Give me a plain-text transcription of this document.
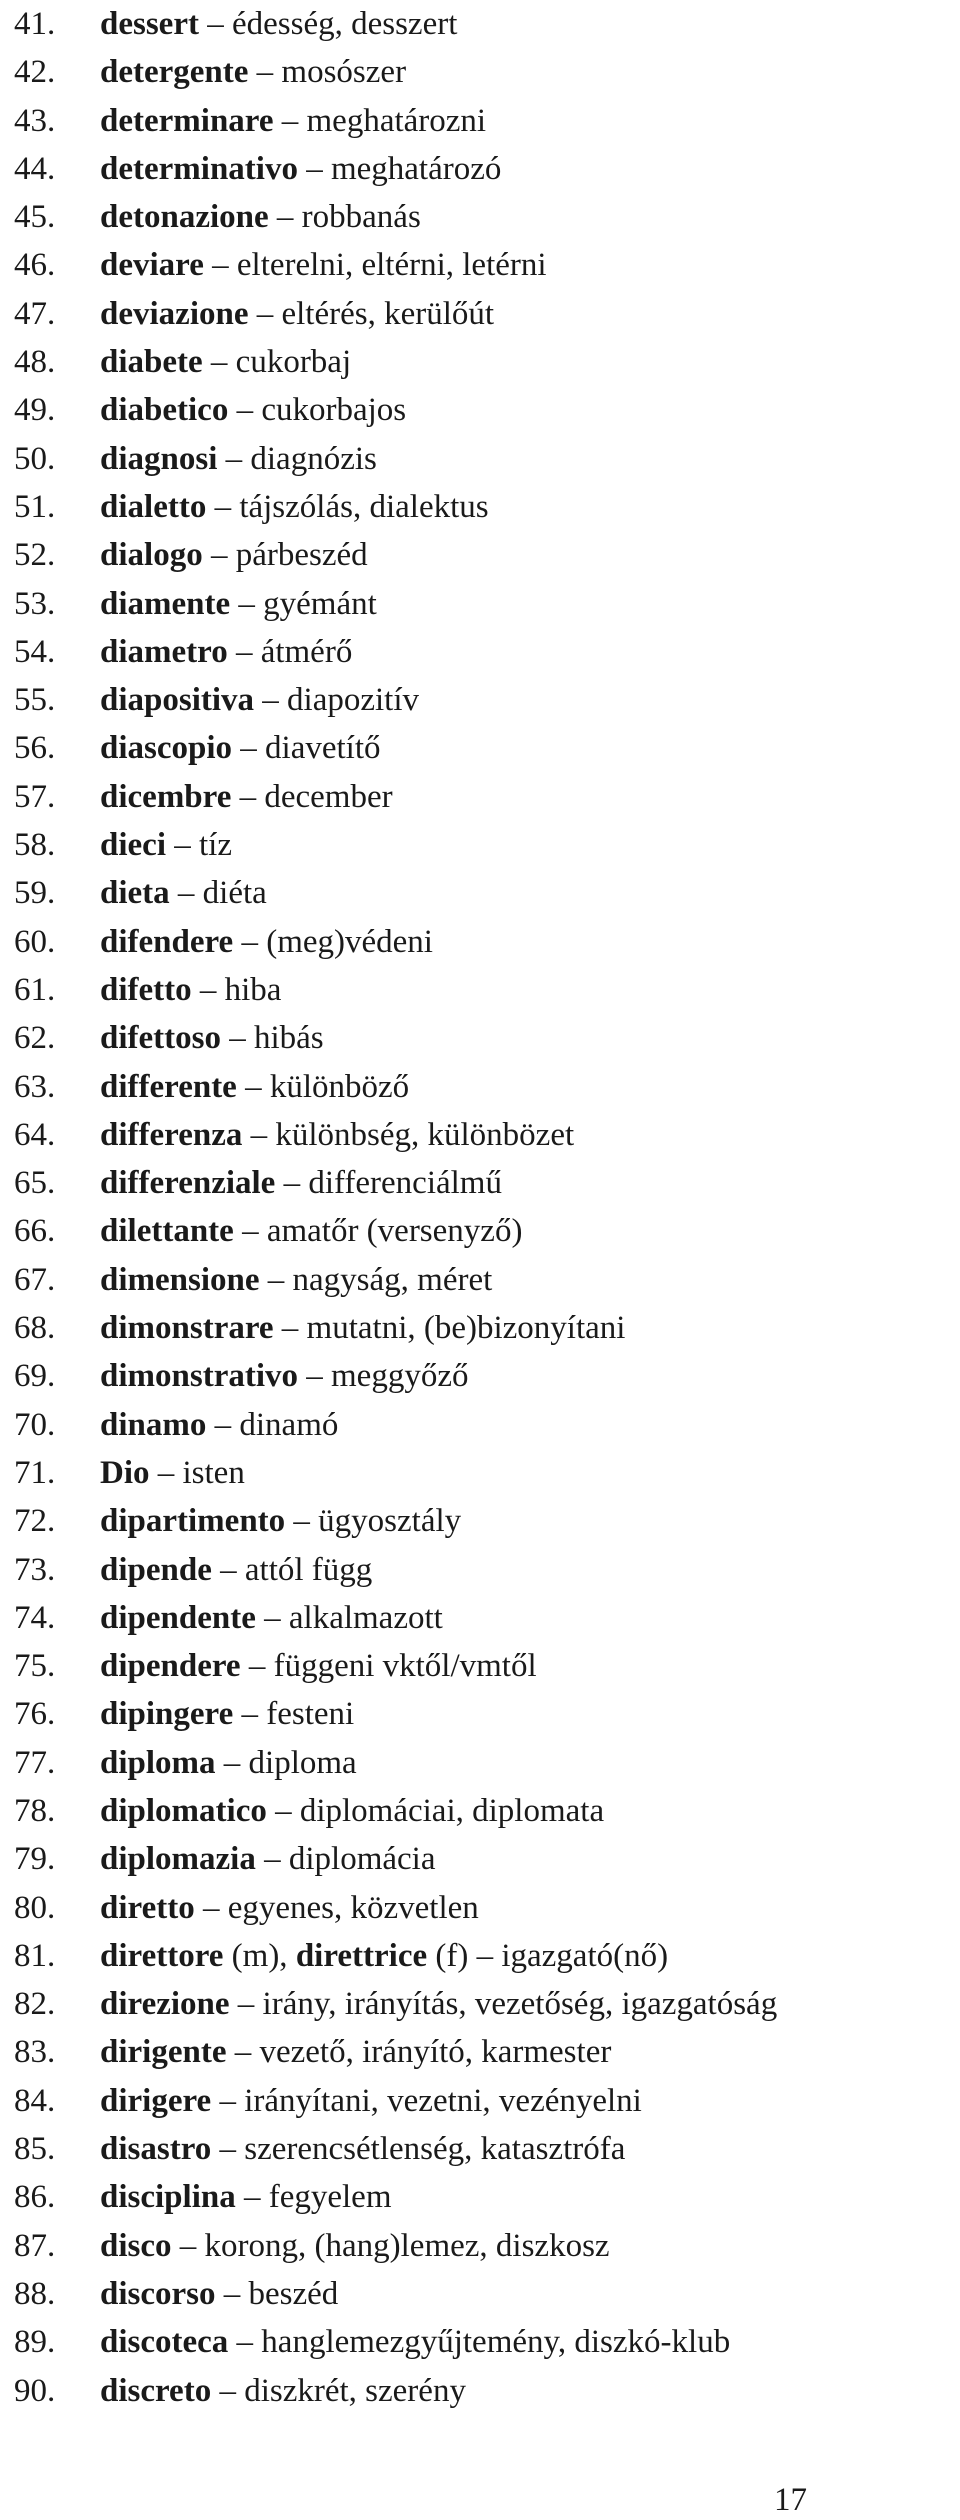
41.	dessert – édesség, desszert
42.	detergente – mosószer
43.	determinare – meghatározni
44.	determinativo – meghatározó
45.	detonazione – robbanás
46.	deviare – elterelni, eltérni, letérni
47.	deviazione – eltérés, kerülőút
48.	diabete – cukorbaj
49.	diabetico – cukorbajos
50.	diagnosi – diagnózis
51.	dialetto – tájszólás, dialektus
52.	dialogo – párbeszéd
53.	diamente – gyémánt
54.	diametro – átmérő
55.	diapositiva – diapozitív
56.	diascopio – diavetítő
57.	dicembre – december
58.	dieci – tíz
59.	dieta – diéta
60.	difendere – (meg)védeni
61.	difetto – hiba
62.	difettoso – hibás
63.	differente – különböző
64.	differenza – különbség, különbözet
65.	differenziale – differenciálmű
66.	dilettante – amatőr (versenyző)
67.	dimensione – nagyság, méret
68.	dimonstrare – mutatni, (be)bizonyítani
69.	dimonstrativo – meggyőző
70.	dinamo – dinamó
71.	Dio – isten
72.	dipartimento – ügyosztály
73.	dipende – attól függ
74.	dipendente – alkalmazott
75.	dipendere – függeni vktől/vmtől
76.	dipingere – festeni
77.	diploma – diploma
78.	diplomatico – diplomáciai, diplomata
79.	diplomazia – diplomácia
80.	diretto – egyenes, közvetlen
81.	direttore (m), direttrice (f) – igazgató(nő)
82.	direzione – irány, irányítás, vezetőség, igazgatóság
83.	dirigente – vezető, irányító, karmester
84.	dirigere – irányítani, vezetni, vezényelni
85.	disastro – szerencsétlenség, katasztrófa
86.	disciplina – fegyelem
87.	disco – korong, (hang)lemez, diszkosz
88.	discorso – beszéd
89.	discoteca – hanglemezgyűjtemény, diszkó-klub
90.	discreto – diszkrét, szerény
17
